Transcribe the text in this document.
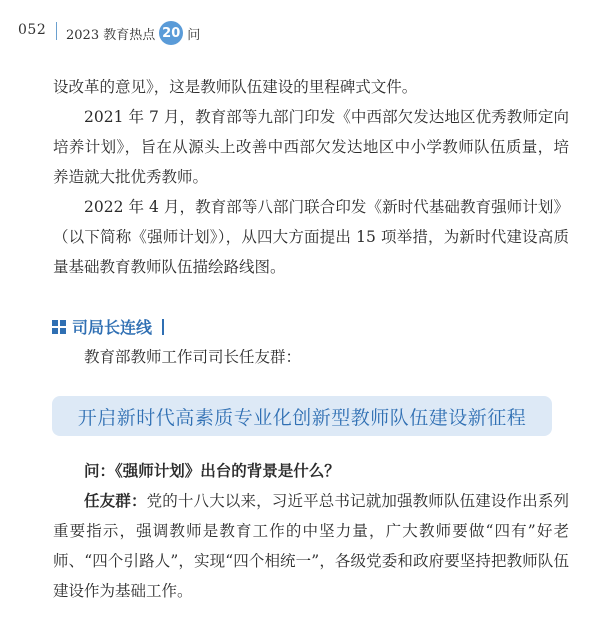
052 2023 教育热点 20 问

设改革的意见》，这是教师队伍建设的里程碑式文件。

2021 年 7 月，教育部等九部门印发《中西部欠发达地区优秀教师定向培养计划》，旨在从源头上改善中西部欠发达地区中小学教师队伍质量，培养造就大批优秀教师。

2022 年 4 月，教育部等八部门联合印发《新时代基础教育强师计划》（以下简称《强师计划》），从四大方面提出 15 项举措，为新时代建设高质量基础教育教师队伍描绘路线图。

司局长连线

教育部教师工作司司长任友群：

开启新时代高素质专业化创新型教师队伍建设新征程

问：《强师计划》出台的背景是什么？

任友群：党的十八大以来，习近平总书记就加强教师队伍建设作出系列重要指示，强调教师是教育工作的中坚力量，广大教师要做“四有”好老师、“四个引路人”，实现“四个相统一”，各级党委和政府要坚持把教师队伍建设作为基础工作。
